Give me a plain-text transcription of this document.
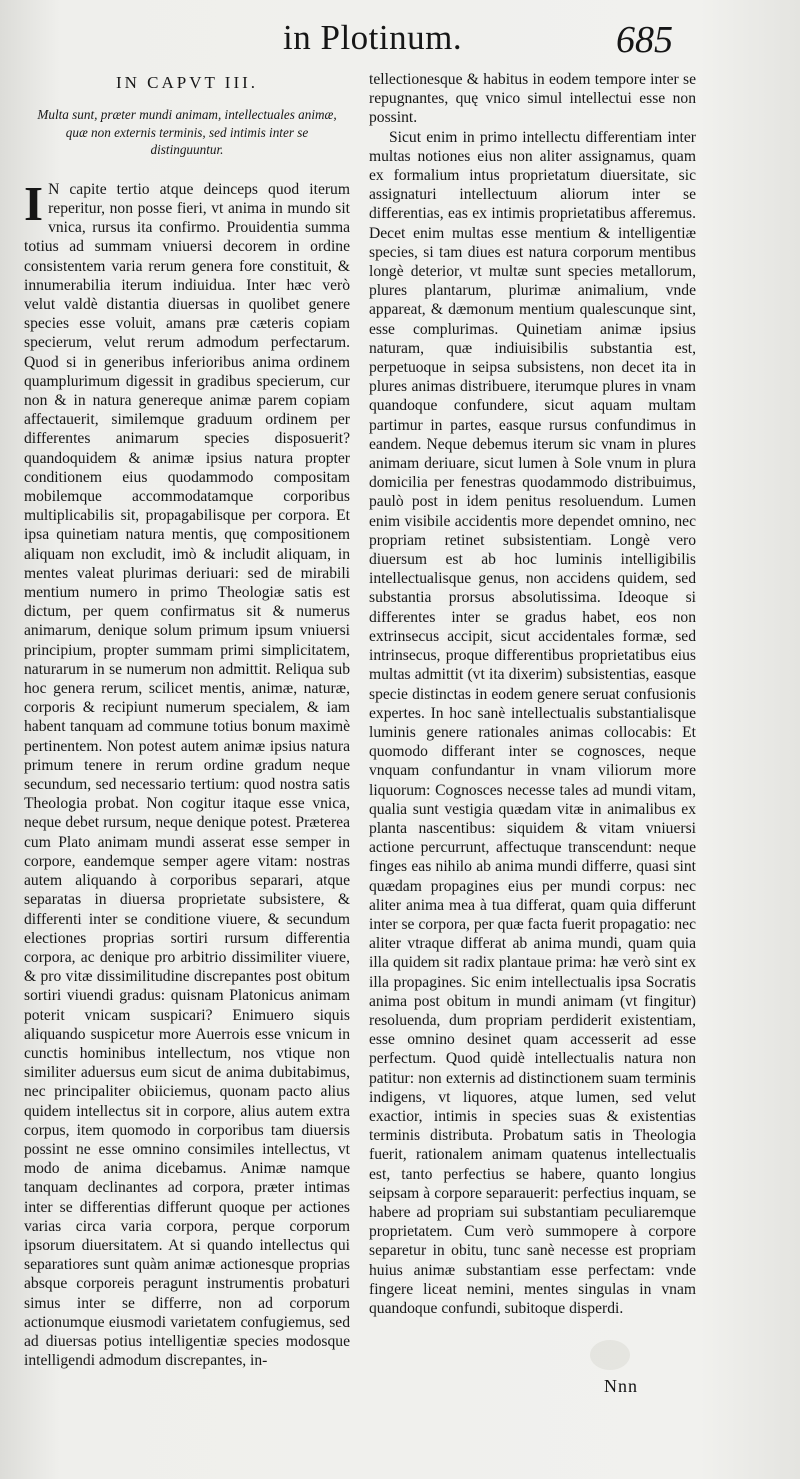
in Plotinum.	685

IN CAPVT III.

Multa sunt, præter mundi animam, intellectuales animæ, quæ non externis terminis, sed intimis inter se distinguuntur.

I N capite tertio atque deinceps quod iterum reperitur, non posse fieri, vt anima in mundo sit vnica, rursus ita confirmo. Prouidentia summa totius ad summam vniuersi decorem in ordine consistentem varia rerum genera fore constituit, & innumerabilia iterum indiuidua. Inter hæc verò velut valdè distantia diuersas in quolibet genere species esse voluit, amans præ cæteris copiam specierum, velut rerum admodum perfectarum. Quod si in generibus inferioribus anima ordinem quamplurimum digessit in gradibus specierum, cur non & in natura genereque animæ parem copiam affectauerit, similemque graduum ordinem per differentes animarum species disposuerit? quandoquidem & animæ ipsius natura propter conditionem eius quodammodo compositam mobilemque accommodatamque corporibus multiplicabilis sit, propagabilisque per corpora. Et ipsa quinetiam natura mentis, quę compositionem aliquam non excludit, imò & includit aliquam, in mentes valeat plurimas deriuari: sed de mirabili mentium numero in primo Theologiæ satis est dictum, per quem confirmatus sit & numerus animarum, denique solum primum ipsum vniuersi principium, propter summam primi simplicitatem, naturarum in se numerum non admittit. Reliqua sub hoc genera rerum, scilicet mentis, animæ, naturæ, corporis & recipiunt numerum specialem, & iam habent tanquam ad commune totius bonum maximè pertinentem. Non potest autem animæ ipsius natura primum tenere in rerum ordine gradum neque secundum, sed necessario tertium: quod nostra satis Theologia probat. Non cogitur itaque esse vnica, neque debet rursum, neque denique potest. Præterea cum Plato animam mundi asserat esse semper in corpore, eandemque semper agere vitam: nostras autem aliquando à corporibus separari, atque separatas in diuersa proprietate subsistere, & differenti inter se conditione viuere, & secundum electiones proprias sortiri rursum differentia corpora, ac denique pro arbitrio dissimiliter viuere, & pro vitæ dissimilitudine discrepantes post obitum sortiri viuendi gradus: quisnam Platonicus animam poterit vnicam suspicari? Enimuero siquis aliquando suspicetur more Auerrois esse vnicum in cunctis hominibus intellectum, nos vtique non similiter aduersus eum sicut de anima dubitabimus, nec principaliter obiiciemus, quonam pacto alius quidem intellectus sit in corpore, alius autem extra corpus, item quomodo in corporibus tam diuersis possint ne esse omnino consimiles intellectus, vt modo de anima dicebamus. Animæ namque tanquam declinantes ad corpora, præter intimas inter se differentias differunt quoque per actiones varias circa varia corpora, perque corporum ipsorum diuersitatem. At si quando intellectus qui separatiores sunt quàm animæ actionesque proprias absque corporeis peragunt instrumentis probaturi simus inter se differre, non ad corporum actionumque eiusmodi varietatem confugiemus, sed ad diuersas potius intelligentiæ species modosque intelligendi admodum discrepantes, in-

tellectionesque & habitus in eodem tempore inter se repugnantes, quę vnico simul intellectui esse non possint.

Sicut enim in primo intellectu differentiam inter multas notiones eius non aliter assignamus, quam ex formalium intus proprietatum diuersitate, sic assignaturi intellectuum aliorum inter se differentias, eas ex intimis proprietatibus afferemus. Decet enim multas esse mentium & intelligentiæ species, si tam diues est natura corporum mentibus longè deterior, vt multæ sunt species metallorum, plures plantarum, plurimæ animalium, vnde appareat, & dæmonum mentium qualescunque sint, esse complurimas. Quinetiam animæ ipsius naturam, quæ indiuisibilis substantia est, perpetuoque in seipsa subsistens, non decet ita in plures animas distribuere, iterumque plures in vnam quandoque confundere, sicut aquam multam partimur in partes, easque rursus confundimus in eandem. Neque debemus iterum sic vnam in plures animam deriuare, sicut lumen à Sole vnum in plura domicilia per fenestras quodammodo distribuimus, paulò post in idem penitus resoluendum. Lumen enim visibile accidentis more dependet omnino, nec propriam retinet subsistentiam. Longè vero diuersum est ab hoc luminis intelligibilis intellectualisque genus, non accidens quidem, sed substantia prorsus absolutissima. Ideoque si differentes inter se gradus habet, eos non extrinsecus accipit, sicut accidentales formæ, sed intrinsecus, proque differentibus proprietatibus eius multas admittit (vt ita dixerim) subsistentias, easque specie distinctas in eodem genere seruat confusionis expertes. In hoc sanè intellectualis substantialisque luminis genere rationales animas collocabis: Et quomodo differant inter se cognosces, neque vnquam confundantur in vnam viliorum more liquorum: Cognosces necesse tales ad mundi vitam, qualia sunt vestigia quædam vitæ in animalibus ex planta nascentibus: siquidem & vitam vniuersi actione percurrunt, affectuque transcendunt: neque finges eas nihilo ab anima mundi differre, quasi sint quædam propagines eius per mundi corpus: nec aliter anima mea à tua differat, quam quia differunt inter se corpora, per quæ facta fuerit propagatio: nec aliter vtraque differat ab anima mundi, quam quia illa quidem sit radix plantaue prima: hæ verò sint ex illa propagines. Sic enim intellectualis ipsa Socratis anima post obitum in mundi animam (vt fingitur) resoluenda, dum propriam perdiderit existentiam, esse omnino desinet quam accesserit ad esse perfectum. Quod quidè intellectualis natura non patitur: non externis ad distinctionem suam terminis indigens, vt liquores, atque lumen, sed velut exactior, intimis in species suas & existentias terminis distributa. Probatum satis in Theologia fuerit, rationalem animam quatenus intellectualis est, tanto perfectius se habere, quanto longius seipsam à corpore separauerit: perfectius inquam, se habere ad propriam sui substantiam peculiaremque proprietatem. Cum verò summopere à corpore separetur in obitu, tunc sanè necesse est propriam huius animæ substantiam esse perfectam: vnde fingere liceat nemini, mentes singulas in vnam quandoque confundi, subitoque disperdi.

Nnn
